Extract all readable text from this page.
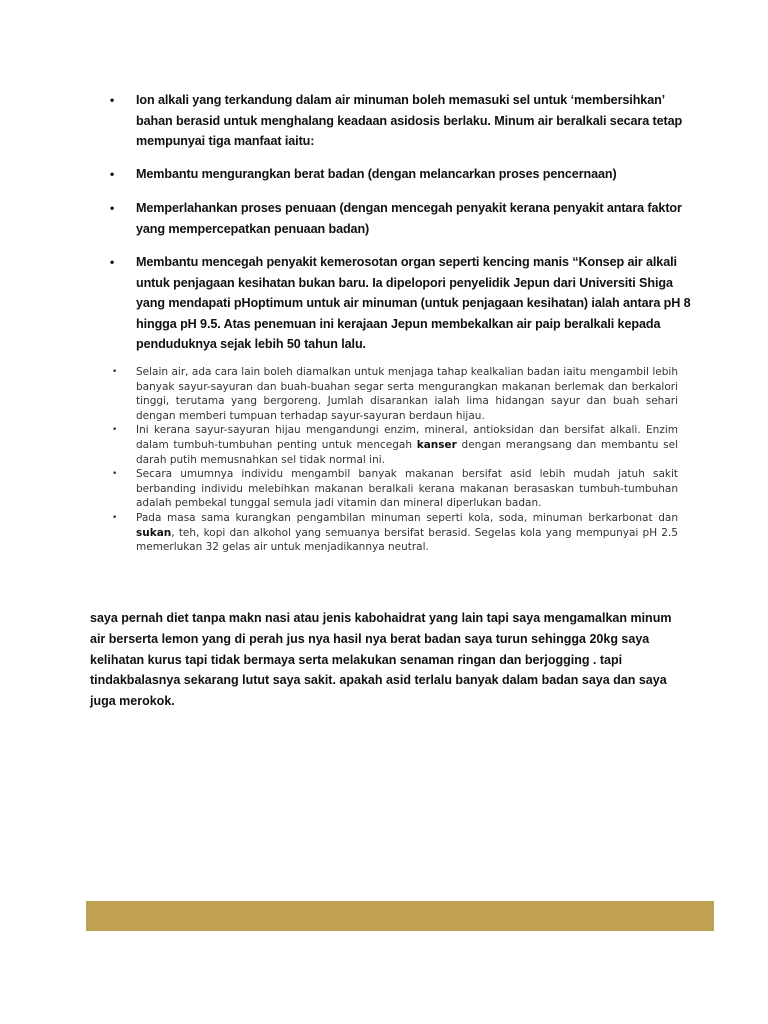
• Ion alkali yang terkandung dalam air minuman boleh memasuki sel untuk ‘membersihkan’ bahan berasid untuk menghalang keadaan asidosis berlaku. Minum air beralkali secara tetap mempunyai tiga manfaat iaitu:
• Membantu mengurangkan berat badan (dengan melancarkan proses pencernaan)
• Memperlahankan proses penuaan (dengan mencegah penyakit kerana penyakit antara faktor yang mempercepatkan penuaan badan)
• Membantu mencegah penyakit kemerosotan organ seperti kencing manis “Konsep air alkali untuk penjagaan kesihatan bukan baru. Ia dipelopori penyelidik Jepun dari Universiti Shiga yang mendapati pHoptimum untuk air minuman (untuk penjagaan kesihatan) ialah antara pH 8 hingga pH 9.5. Atas penemuan ini kerajaan Jepun membekalkan air paip beralkali kepada penduduknya sejak lebih 50 tahun lalu.
• Selain air, ada cara lain boleh diamalkan untuk menjaga tahap kealkalian badan iaitu mengambil lebih banyak sayur-sayuran dan buah-buahan segar serta mengurangkan makanan berlemak dan berkalori tinggi, terutama yang bergoreng. Jumlah disarankan ialah lima hidangan sayur dan buah sehari dengan memberi tumpuan terhadap sayur-sayuran berdaun hijau.
• Ini kerana sayur-sayuran hijau mengandungi enzim, mineral, antioksidan dan bersifat alkali. Enzim dalam tumbuh-tumbuhan penting untuk mencegah kanser dengan merangsang dan membantu sel darah putih memusnahkan sel tidak normal ini.
• Secara umumnya individu mengambil banyak makanan bersifat asid lebih mudah jatuh sakit berbanding individu melebihkan makanan beralkali kerana makanan berasaskan tumbuh-tumbuhan adalah pembekal tunggal semula jadi vitamin dan mineral diperlukan badan.
• Pada masa sama kurangkan pengambilan minuman seperti kola, soda, minuman berkarbonat dan sukan, teh, kopi dan alkohol yang semuanya bersifat berasid. Segelas kola yang mempunyai pH 2.5 memerlukan 32 gelas air untuk menjadikannya neutral.

saya pernah diet tanpa makn nasi atau jenis kabohaidrat yang lain tapi saya mengamalkan minum air berserta lemon yang di perah jus nya hasil nya berat badan saya turun sehingga 20kg saya kelihatan kurus tapi tidak bermaya serta melakukan senaman ringan dan berjogging . tapi tindakbalasnya sekarang lutut saya sakit. apakah asid terlalu banyak dalam badan saya dan saya juga merokok.
